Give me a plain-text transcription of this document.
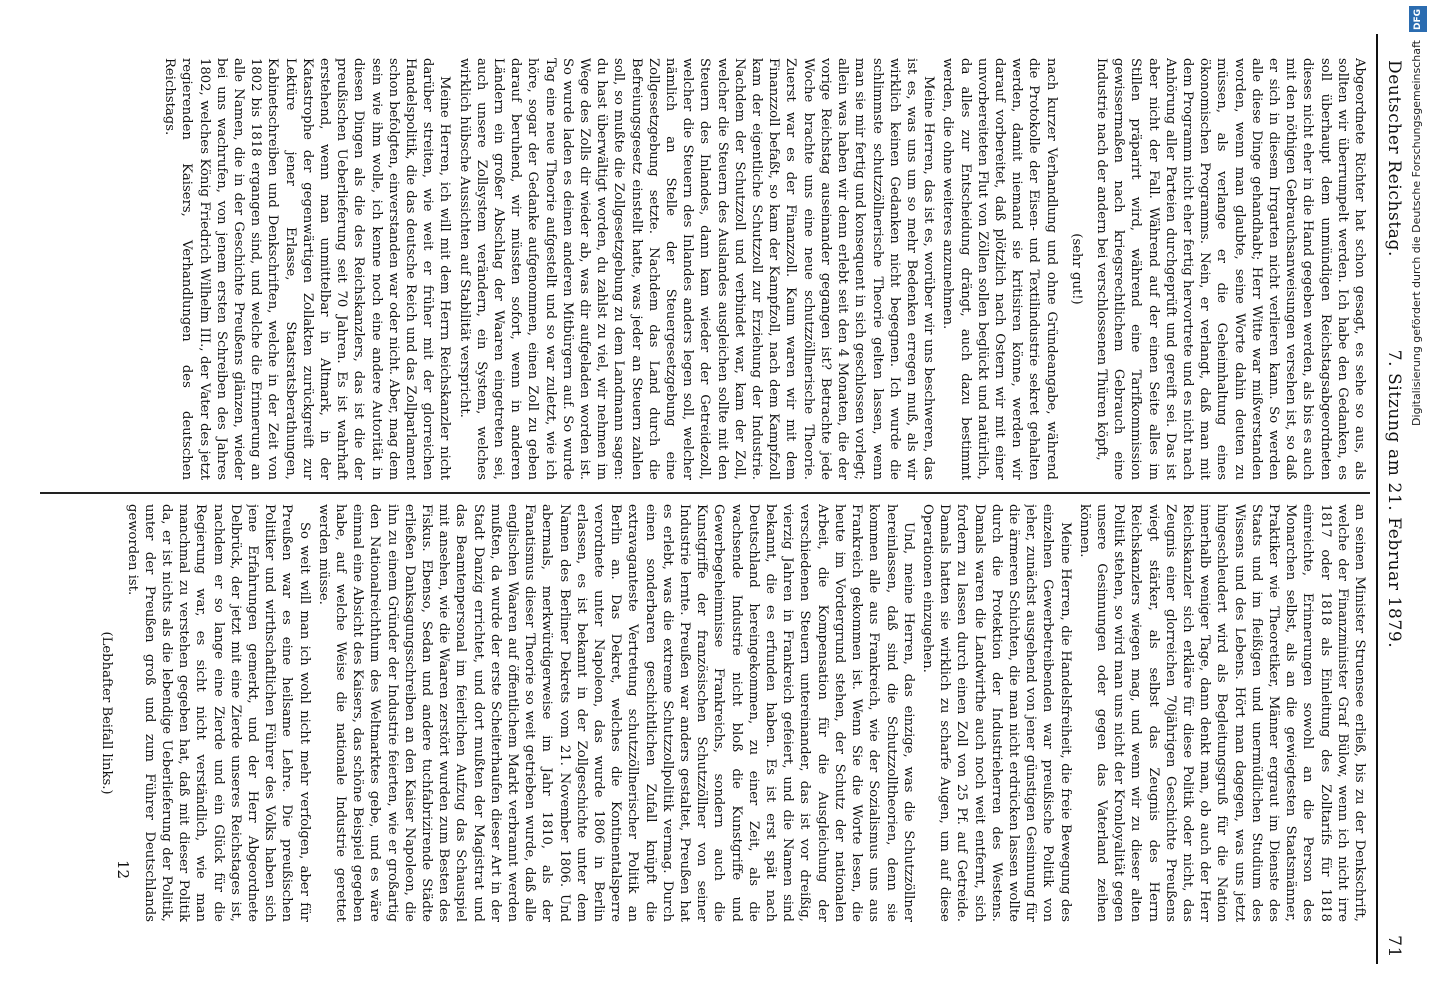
Deutscher Reichstag.
7. Sitzung am 21. Februar 1879.
71

Abgeordnete Richter hat schon gesagt, es sehe so aus, als sollten wir überrumpelt werden. Ich habe den Gedanken, es soll überhaupt dem unmündigen Reichstagsabgeordneten dieses nicht eher in die Hand gegeben werden, als bis es auch mit den nöthigen Gebrauchsanweisungen versehen ist, so daß er sich in diesem Irrgarten nicht verlieren kann. So werden alle diese Dinge gehandhabt; Herr Witte war mißverstanden worden, wenn man glaubte, seine Worte dahin deuten zu müssen, als verlange er die Geheimhaltung eines ökonomischen Programms. Nein, er verlangt, daß man mit dem Programm nicht eher fertig hervortrete und es nicht nach Anhörung aller Parteien durchgeprüft und gereift sei. Das ist aber nicht der Fall. Während auf der einen Seite alles im Stillen präparirt wird, während eine Tarifkommission gewissermaßen nach kriegsrechtlichem Gebrauch eine Industrie nach der andern bei verschlossenen Thüren köpft,

(sehr gut!)

nach kurzer Verhandlung und ohne Gründeangabe, während die Protokolle der Eisen- und Textilindustrie sekret gehalten werden, damit niemand sie kritisiren könne, werden wir darauf vorbereitet, daß plötzlich nach Ostern wir mit einer unvorbereiteten Flut von Zöllen sollen beglückt und natürlich, da alles zur Entscheidung drängt, auch dazu bestimmt werden, die ohne weiteres anzunehmen.

Meine Herren, das ist es, worüber wir uns beschweren, das ist es, was uns um so mehr Bedenken erregen muß, als wir wirklich keinen Gedanken nicht begegnen. Ich wurde die schlimmste schutzzöllnerische Theorie gelten lassen, wenn man sie mir fertig und konsequent in sich geschlossen vorlegt; allein was haben wir denn erlebt seit den 4 Monaten, die der vorige Reichstag auseinander gegangen ist? Betrachte jede Woche brachte uns eine neue schutzzöllnerische Theorie. Zuerst war es der Finanzzoll. Kaum waren wir mit dem Finanzzoll befaßt, so kam der Kampfzoll, nach dem Kampfzoll kam der eigentliche Schutzzoll zur Erziehung der Industrie. Nachdem der Schutzzoll und verbindet war, kam der Zoll, welcher die Steuern des Auslandes ausgleichen sollte mit den Steuern des Inlandes, dann kam wieder der Getreidezoll, welcher die Steuern des Inlandes anders legen soll, welcher nämlich an Stelle der Steuergesetzgebung eine Zollgesetzgebung setzte. Nachdem das Land durch die Befreiungsgesetz einstellt hatte, was jeder an Steuern zahlen soll, so mußte die Zollgesetzgebung zu dem Landmann sagen: du hast überwältigt worden, du zahlst zu viel, wir nehmen im Wege des Zolls dir wieder ab, was dir aufgeladen worden ist. So wurde laden es deinen anderen Mitbürgern auf. So wurde Tag eine neue Theorie aufgestellt und so war zuletzt, wie ich höre, sogar der Gedanke aufgenommen, einen Zoll zu geben darauf beruhend, wir müssten sofort, wenn in anderen Ländern ein großer Abschlag der Waaren eingetreten sei, auch unsere Zollsystem verändern, ein System, welches wirklich hübsche Aussichten auf Stabilität verspricht.

Meine Herren, ich will mit dem Herrn Reichskanzler nicht darüber streiten, wie weit er früher mit der glorreichen Handelspolitik, die das deutsche Reich und das Zollparlament schon befolgten, einverstanden war oder nicht. Aber, mag dem sein wie ihm wolle, ich kenne noch eine andere Autorität in diesen Dingen als die des Reichskanzlers, das ist die der preußischen Ueberlieferung seit 70 Jahren. Es ist wahrhaft erstehend, wenn man unmittelbar in Altmark, in der Katastrophe der gegenwärtigen Zollakten zurückgreift zur Lektüre jener Erlasse, Staatsratsberathungen, Kabinetschreiben und Denkschriften, welche in der Zeit von 1802 bis 1818 ergangen sind, und welche die Erinnerung an alle Namen, die in der Geschichte Preußens glänzen, wieder bei uns wachrufen, von jenem ersten Schreiben des Jahres 1802, welches König Friedrich Wilhelm III., der Vater des jetzt regierenden Kaisers, Verhandlungen des deutschen Reichstags.

an seinen Minister Struensee erließ, bis zu der Denkschrift, welche der Finanzminister Graf Bülow, wenn ich nicht irre 1817 oder 1818 als Einleitung des Zolltarifs für 1818 einreichte, Erinnerungen sowohl an die Person des Monarchen selbst, als an die gewiegtesten Staatsmänner, Praktiker wie Theoretiker, Männer ergraut im Dienste des Staats und im fleißigen und unermüdlichen Studium des Wissens und des Lebens. Hört man dagegen, was uns jetzt hingeschleudert wird als Begleitungsgruß für die Nation innerhalb weniger Tage, dann denkt man, ob auch der Herr Reichskanzler sich erkläre für diese Politik oder nicht, das Zeugnis einer glorreichen 70jährigen Geschichte Preußens wiegt stärker, als selbst das Zeugnis des Herrn Reichskanzlers wiegen mag, und wenn wir zu dieser alten Politik stehen, so wird man uns nicht der Kronloyalität gegen unsere Gesinnungen oder gegen das Vaterland zeihen können.

Meine Herren, die Handelsfreiheit, die freie Bewegung des einzelnen Gewerbetreibenden war preußische Politik von jeher, zunächst ausgehend von jener günstigen Gesinnung für die ärmeren Schichten, die man nicht erdrücken lassen wollte durch die Protektion der Industrieherren des Westens. Damals waren die Landwirthe auch noch weit entfernt, sich fordern zu lassen durch einen Zoll von 25 Pf. auf Getreide. Damals hatten sie wirklich zu scharfe Augen, um auf diese Operationen einzugehen.

Und, meine Herren, das einzige, was die Schutzzöllner hereinlassen, daß sind die Schutzzolltheorien, denn sie kommen alle aus Frankreich, wie der Sozialismus uns aus Frankreich gekommen ist. Wenn Sie die Worte lesen, die heute im Vordergrund stehen, der Schutz der nationalen Arbeit, die Kompensation für die Ausgleichung der verschiedenen Steuern untereinander, das ist vor dreißig, vierzig Jahren in Frankreich gefeiert, und die Namen sind bekannt, die es erfunden haben. Es ist erst spät nach Deutschland hereingekommen, zu einer Zeit, als die wachsende Industrie nicht bloß die Kunstgriffe und Gewerbegeheimnisse Frankreichs, sondern auch die Kunstgriffe der französischen Schutzzöllner von seiner Industrie lernte. Preußen war anders gestaltet, Preußen hat es erlebt, was die extreme Schutzzollpolitik vermag. Durch einen sonderbaren geschichtlichen Zufall knüpft die extravaganteste Vertretung schutzzöllnerischer Politik an Berlin an. Das Dekret, welches die Kontinentalsperre verordnete unter Napoleon, das wurde 1806 in Berlin erlassen, es ist bekannt in der Zollgeschichte unter dem Namen des Berliner Dekrets vom 21. November 1806. Und abermals, merkwürdigerweise im Jahr 1810, als der Fanatismus dieser Theorie so weit getrieben wurde, daß alle englischen Waaren auf öffentlichem Markt verbrannt werden mußten, da wurde der erste Scheiterhaufen dieser Art in der Stadt Danzig errichtet, und dort mußten der Magistrat und das Beamtenpersonal im feierlichen Aufzug das Schauspiel mit ansehen, wie die Waaren zerstört wurden zum Besten des Fiskus. Ebenso, Sedan und andere tuchfabrizirende Städte erließen Danksagungsschreiben an den Kaiser Napoleon, die ihn zu einem Gründer der Industrie feierten, wie er großartig den Nationalreichthum des Weltmarktes gebe, und es wäre einmal eine Absicht des Kaisers, das schöne Beispiel gegeben habe, auf welche Weise die nationale Industrie gerettet werden müsse.

So weit will man ich wohl nicht mehr verfolgen, aber für Preußen war es eine heilsame Lehre. Die preußischen Politiker und wirthschaftlichen Führer des Volks haben sich jene Erfahrungen gemerkt, und der Herr Abgeordnete Delbrück, der jetzt mit eine Zierde unseres Reichstages ist, nachdem er so lange eine Zierde und ein Glück für die Regierung war, es sicht nicht verständlich, wie man manchmal zu verstehen gegeben hat, daß mit dieser Politik da, er ist nichts als die lebendige Ueberlieferung der Politik, unter der Preußen groß und zum Führer Deutschlands geworden ist.

(Lebhafter Beifall links.)

12
DFG
Digitalisierung gefördert durch die Deutsche Forschungsgemeinschaft
